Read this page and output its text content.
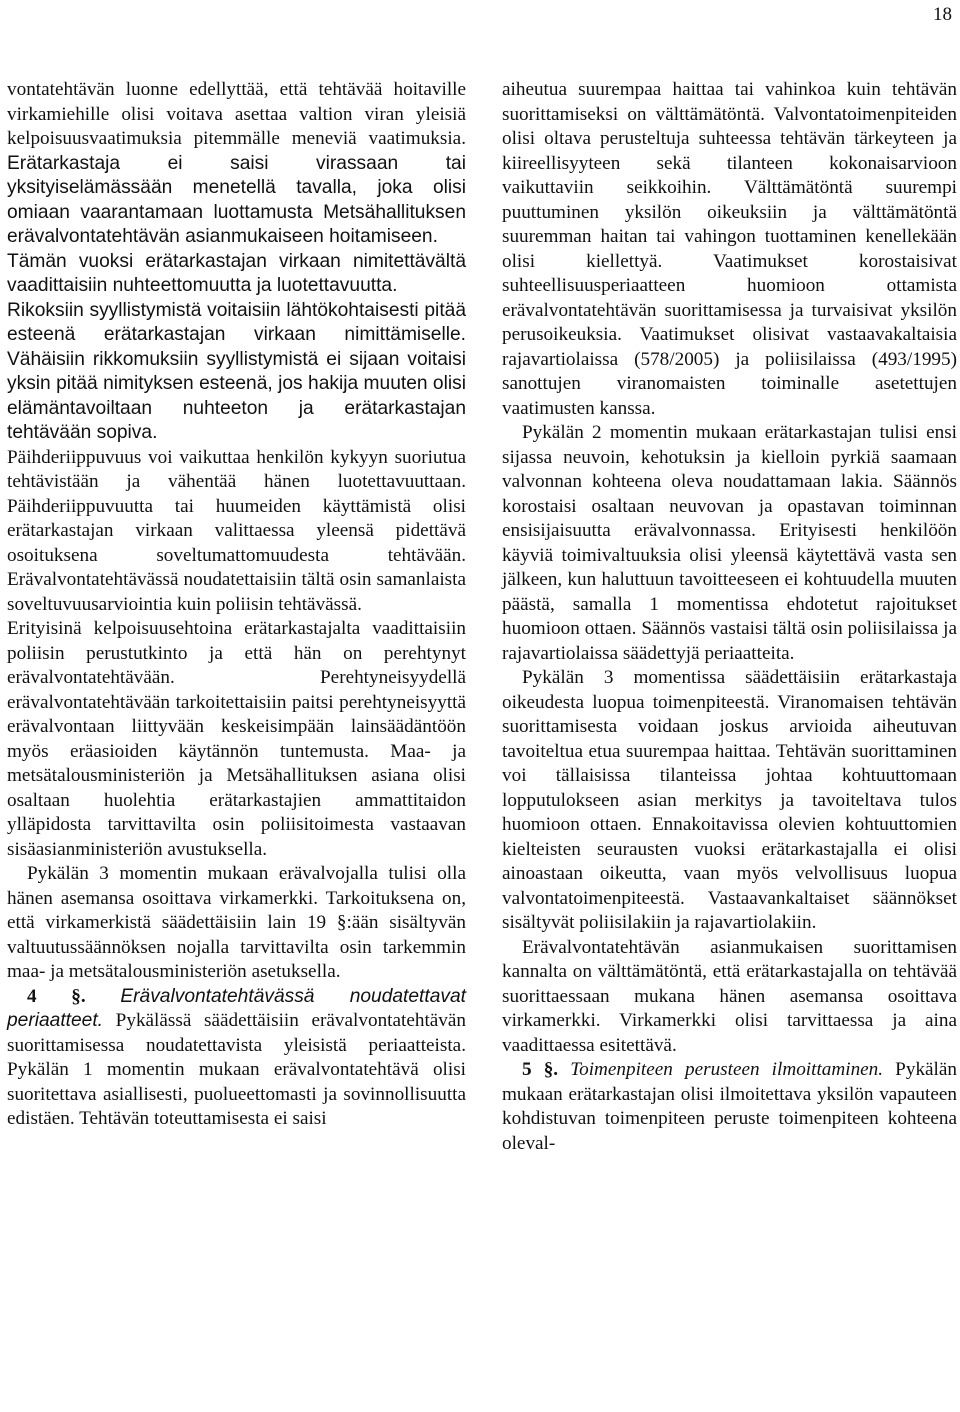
18

vontatehtävän luonne edellyttää, että tehtävää hoitaville virkamiehille olisi voitava asettaa valtion viran yleisiä kelpoisuusvaatimuksia pitemmälle meneviä vaatimuksia. Erätarkastaja ei saisi virassaan tai yksityiselämässään menetellä tavalla, joka olisi omiaan vaarantamaan luottamusta Metsähallituksen erävalvontatehtävän asianmukaiseen hoitamiseen.

Tämän vuoksi erätarkastajan virkaan nimitettävältä vaadittaisiin nuhteettomuutta ja luotettavuutta.

Rikoksiin syyllistymistä voitaisiin lähtökohtaisesti pitää esteenä erätarkastajan virkaan nimittämiselle. Vähäisiin rikkomuksiin syyllistymistä ei sijaan voitaisi yksin pitää nimityksen esteenä, jos hakija muuten olisi elämäntavoiltaan nuhteeton ja erätarkastajan tehtävään sopiva.

Päihderiippuvuus voi vaikuttaa henkilön kykyyn suoriutua tehtävistään ja vähentää hänen luotettavuuttaan. Päihderiippuvuutta tai huumeiden käyttämistä olisi erätarkastajan virkaan valittaessa yleensä pidettävä osoituksena soveltumattomuudesta tehtävään. Erävalvontatehtävässä noudatettaisiin tältä osin samanlaista soveltuvuusarviointia kuin poliisin tehtävässä.

Erityisinä kelpoisuusehtoina erätarkastajalta vaadittaisiin poliisin perustutkinto ja että hän on perehtynyt erävalvontatehtävään. Perehtyneisyydellä erävalvontatehtävään tarkoitettaisiin paitsi perehtyneisyyttä erävalvontaan liittyvään keskeisimpään lainsäädäntöön myös eräasioiden käytännön tuntemusta. Maa- ja metsätalousministeriön ja Metsähallituksen asiana olisi osaltaan huolehtia erätarkastajien ammattitaidon ylläpidosta tarvittavilta osin poliisitoimesta vastaavan sisäasianministeriön avustuksella.

Pykälän 3 momentin mukaan erävalvojalla tulisi olla hänen asemansa osoittava virkamerkki. Tarkoituksena on, että virkamerkistä säädettäisiin lain 19 §:ään sisältyvän valtuutussäännöksen nojalla tarvittavilta osin tarkemmin maa- ja metsätalousministeriön asetuksella.

4 §. Erävalvontatehtävässä noudatettavat periaatteet. Pykälässä säädettäisiin erävalvontatehtävän suorittamisessa noudatettavista yleisistä periaatteista. Pykälän 1 momentin mukaan erävalvontatehtävä olisi suoritettava asiallisesti, puolueettomasti ja sovinnollisuutta edistäen. Tehtävän toteuttamisesta ei saisi

aiheutua suurempaa haittaa tai vahinkoa kuin tehtävän suorittamiseksi on välttämätöntä. Valvontatoimenpiteiden olisi oltava perusteltuja suhteessa tehtävän tärkeyteen ja kiireellisyyteen sekä tilanteen kokonaisarvioon vaikuttaviin seikkoihin. Välttämätöntä suurempi puuttuminen yksilön oikeuksiin ja välttämätöntä suuremman haitan tai vahingon tuottaminen kenellekään olisi kiellettyä. Vaatimukset korostaisivat suhteellisuusperiaatteen huomioon ottamista erävalvontatehtävän suorittamisessa ja turvaisivat yksilön perusoikeuksia. Vaatimukset olisivat vastaavakaltaisia rajavartiolaissa (578/2005) ja poliisilaissa (493/1995) sanottujen viranomaisten toiminalle asetettujen vaatimusten kanssa.

Pykälän 2 momentin mukaan erätarkastajan tulisi ensi sijassa neuvoin, kehotuksin ja kielloin pyrkiä saamaan valvonnan kohteena oleva noudattamaan lakia. Säännös korostaisi osaltaan neuvovan ja opastavan toiminnan ensisijaisuutta erävalvonnassa. Erityisesti henkilöön käyviä toimivaltuuksia olisi yleensä käytettävä vasta sen jälkeen, kun haluttuun tavoitteeseen ei kohtuudella muuten päästä, samalla 1 momentissa ehdotetut rajoitukset huomioon ottaen. Säännös vastaisi tältä osin poliisilaissa ja rajavartiolaissa säädettyjä periaatteita.

Pykälän 3 momentissa säädettäisiin erätarkastaja oikeudesta luopua toimenpiteestä. Viranomaisen tehtävän suorittamisesta voidaan joskus arvioida aiheutuvan tavoiteltua etua suurempaa haittaa. Tehtävän suorittaminen voi tällaisissa tilanteissa johtaa kohtuuttomaan lopputulokseen asian merkitys ja tavoiteltava tulos huomioon ottaen. Ennakoitavissa olevien kohtuuttomien kielteisten seurausten vuoksi erätarkastajalla ei olisi ainoastaan oikeutta, vaan myös velvollisuus luopua valvontatoimenpiteestä. Vastaavankaltaiset säännökset sisältyvät poliisilakiin ja rajavartiolakiin.

Erävalvontatehtävän asianmukaisen suorittamisen kannalta on välttämätöntä, että erätarkastajalla on tehtävää suorittaessaan mukana hänen asemansa osoittava virkamerkki. Virkamerkki olisi tarvittaessa ja aina vaadittaessa esitettävä.

5 §. Toimenpiteen perusteen ilmoittaminen. Pykälän mukaan erätarkastajan olisi ilmoitettava yksilön vapauteen kohdistuvan toimenpiteen peruste toimenpiteen kohteena oleval-
